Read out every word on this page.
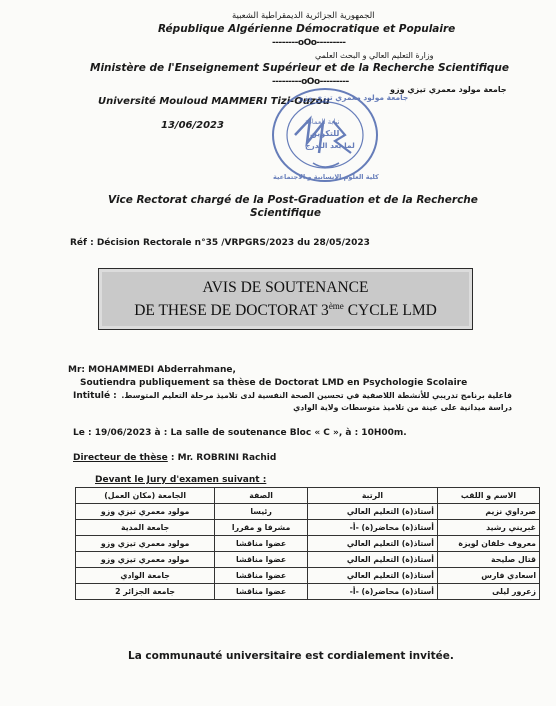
الجمهورية الجزائرية الديمقراطية الشعبية
République Algérienne Démocratique et Populaire
--------oOo---------
وزارة التعليم العالي و البحث العلمي
Ministère de l'Enseignement Supérieur et de la Recherche Scientifique
---------oOo---------
جامعة مولود معمري تيزي وزو
Université Mouloud MAMMERI Tizi-Ouzou
13/06/2023
جامعة مولود معمري تيزي وزو
نيابة العمادة
للتكوين
لما بعد التدرج
كلية العلوم الانسانية و الاجتماعية
Vice Rectorat chargé de la Post-Graduation et de la Recherche
Scientifique
Réf : Décision Rectorale n°35 /VRPGRS/2023 du 28/05/2023
AVIS DE SOUTENANCE
DE THESE DE DOCTORAT 3ème CYCLE LMD
Mr: MOHAMMEDI Abderrahmane,
Soutiendra publiquement sa thèse de Doctorat LMD en Psychologie Scolaire
Intitulé : فاعلية برنامج تدريبي للأنشطة اللاصفية في تحسين الصحة النفسية لدى تلاميذ مرحلة التعليم المتوسط.
دراسة ميدانية على عينة من تلاميذ متوسطات ولاية الوادي
Le : 19/06/2023 à : La salle de soutenance Bloc « C », à : 10H00m.
Directeur de thèse : Mr. ROBRINI Rachid
Devant le Jury d'examen suivant :
الاسم و اللقب	الرتبة	الصفة	الجامعة (مكان العمل)
صرداوي نزيم	أستاذ(ة) التعليم العالي	رئيسا	مولود معمري تيزي وزو
غبريني رشيد	أستاذ(ة) محاضر(ة) -أ-	مشرفا و مقررا	جامعة المدية
معروف خلفان لويزة	أستاذ(ة) التعليم العالي	عضوا مناقشا	مولود معمري تيزي وزو
قتال صليحة	أستاذ(ة) التعليم العالي	عضوا مناقشا	مولود معمري تيزي وزو
اسعادي فارس	أستاذ(ة) التعليم العالي	عضوا مناقشا	جامعة الوادي
زعرور ليلى	أستاذ(ة) محاضر(ة) -أ-	عضوا مناقشا	جامعة الجزائر 2
La communauté universitaire est cordialement invitée.
